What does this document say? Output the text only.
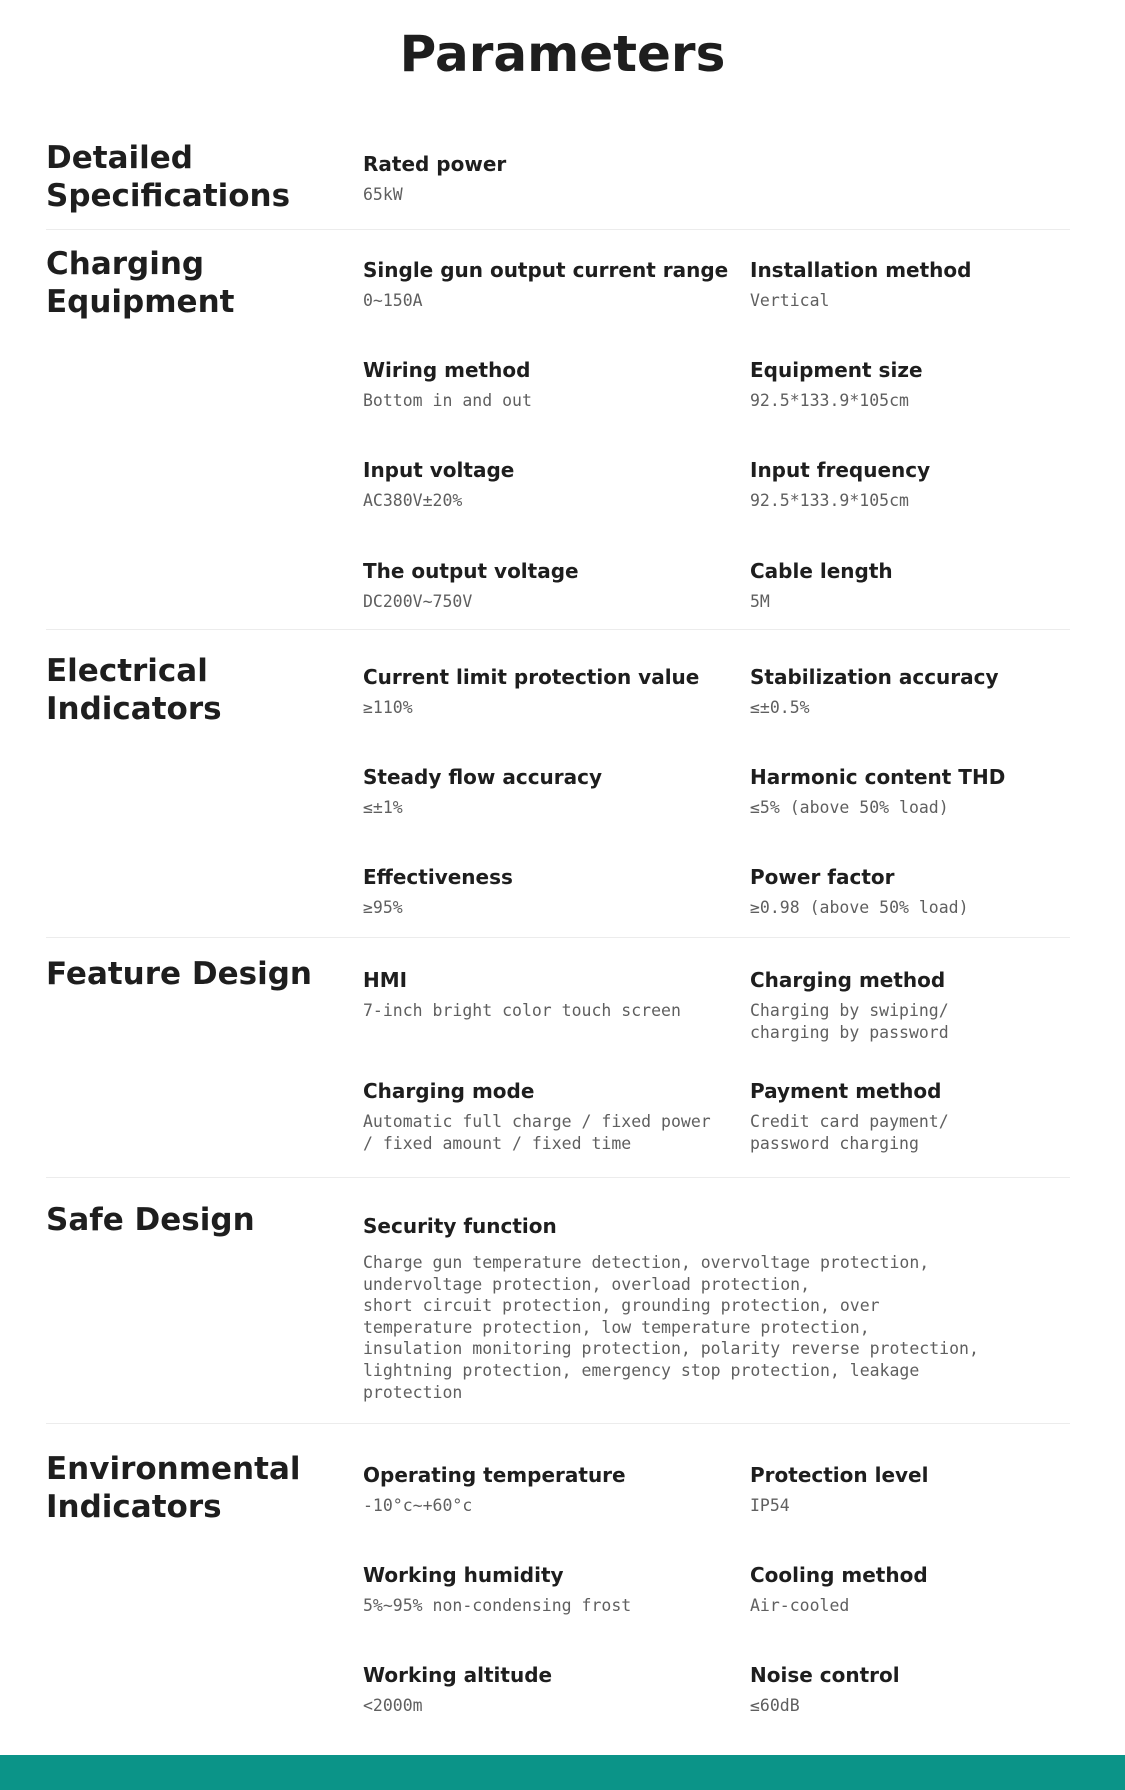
Parameters
Detailed Specifications
Rated power
65kW
Charging Equipment
Single gun output current range
0~150A
Installation method
Vertical
Wiring method
Bottom in and out
Equipment size
92.5*133.9*105cm
Input voltage
AC380V±20%
Input frequency
92.5*133.9*105cm
The output voltage
DC200V~750V
Cable length
5M
Electrical Indicators
Current limit protection value
≥110%
Stabilization accuracy
≤±0.5%
Steady flow accuracy
≤±1%
Harmonic content THD
≤5% (above 50% load)
Effectiveness
≥95%
Power factor
≥0.98 (above 50% load)
Feature Design	HMI
7-inch bright color touch screen
Charging method
Charging by swiping/
charging by password
Charging mode
Automatic full charge / fixed power
/ fixed amount / fixed time
Payment method
Credit card payment/
password charging
Safe Design	Security function
Charge gun temperature detection, overvoltage protection,
undervoltage protection, overload protection,
short circuit protection, grounding protection, over
temperature protection, low temperature protection,
insulation monitoring protection, polarity reverse protection,
lightning protection, emergency stop protection, leakage
protection
Environmental Indicators
Operating temperature
-10°c~+60°c
Protection level
IP54
Working humidity
5%~95% non-condensing frost
Cooling method
Air-cooled
Working altitude
<2000m
Noise control
≤60dB
